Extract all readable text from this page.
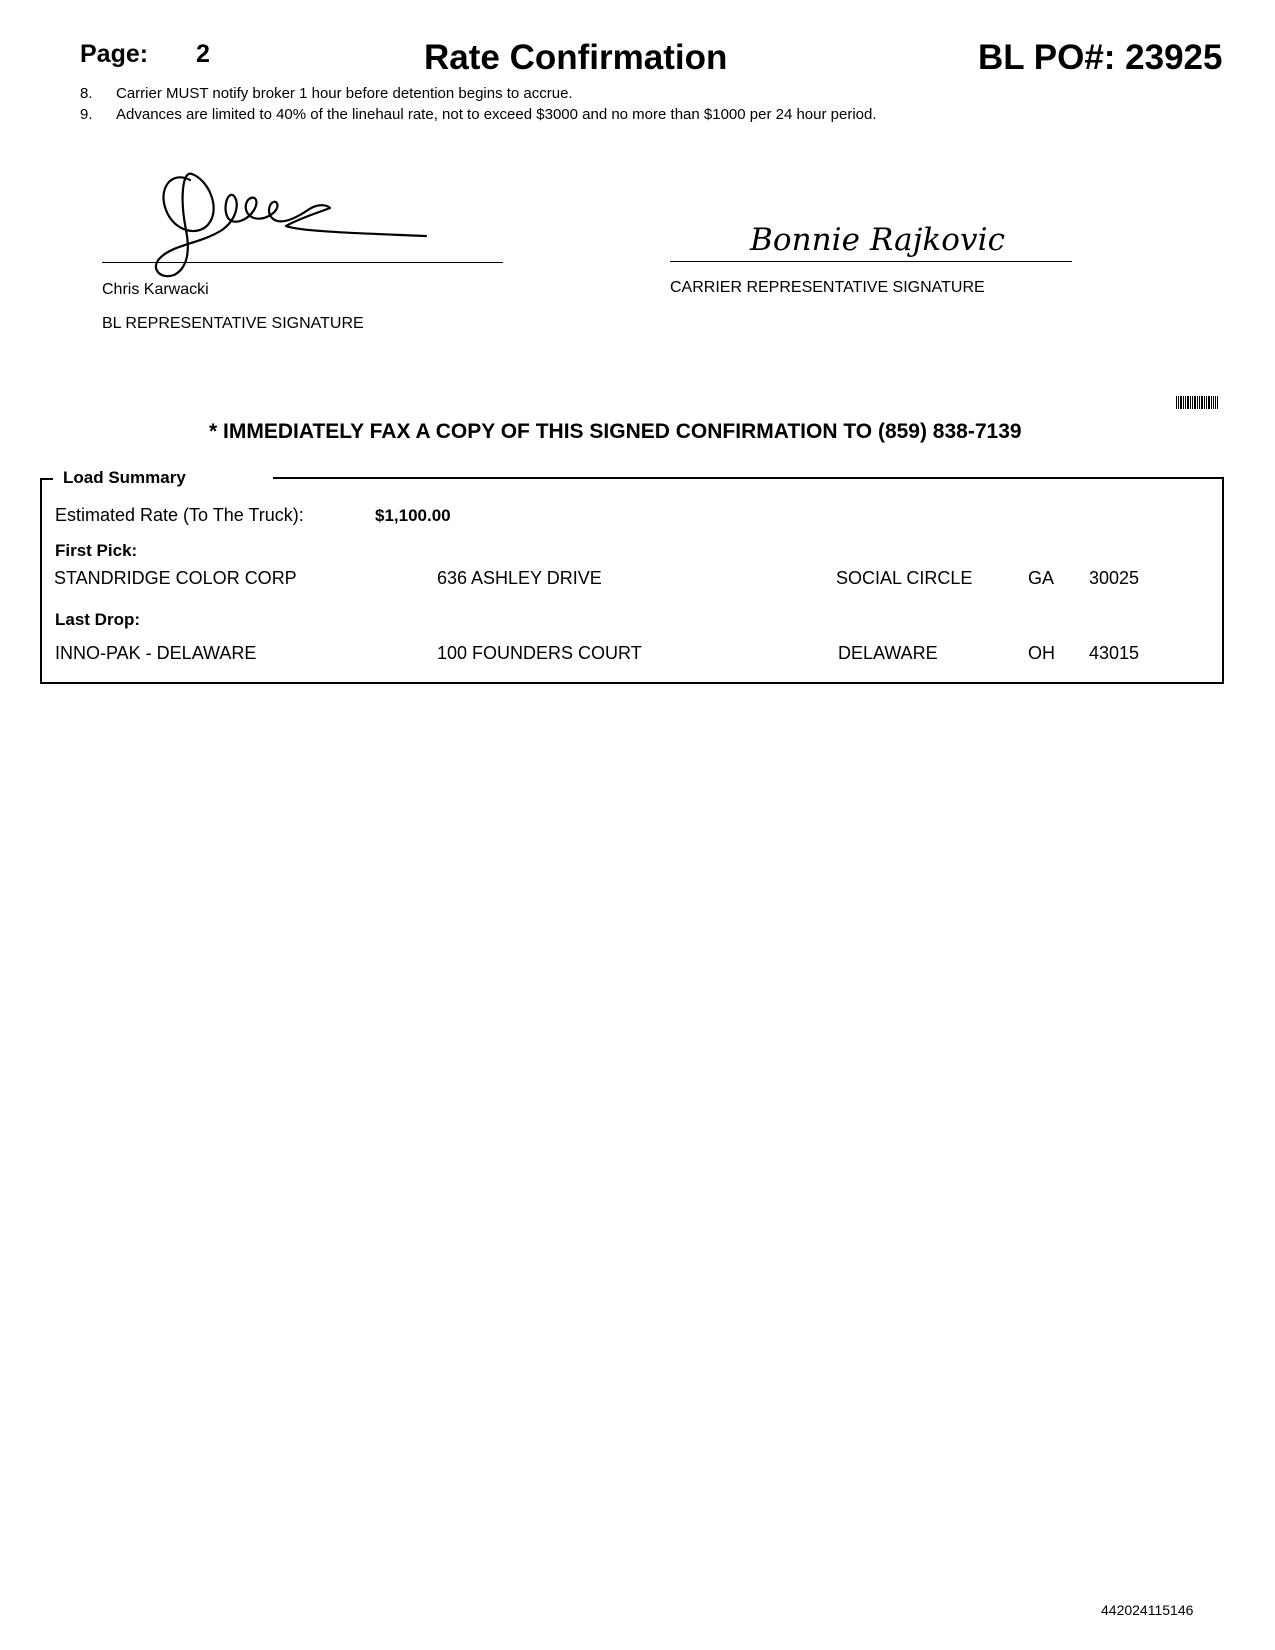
Page: 2	Rate Confirmation	BL PO#: 23925
8. Carrier MUST notify broker 1 hour before detention begins to accrue.
9. Advances are limited to 40% of the linehaul rate, not to exceed $3000 and no more than $1000 per 24 hour period.
Chris Karwacki
BL REPRESENTATIVE SIGNATURE
Bonnie Rajkovic
CARRIER REPRESENTATIVE SIGNATURE
* IMMEDIATELY FAX A COPY OF THIS SIGNED CONFIRMATION TO (859) 838-7139
Load Summary
Estimated Rate (To The Truck):	$1,100.00
First Pick:
STANDRIDGE COLOR CORP	636 ASHLEY DRIVE	SOCIAL CIRCLE	GA 30025
Last Drop:
INNO-PAK - DELAWARE	100 FOUNDERS COURT	DELAWARE	OH 43015
442024115146
